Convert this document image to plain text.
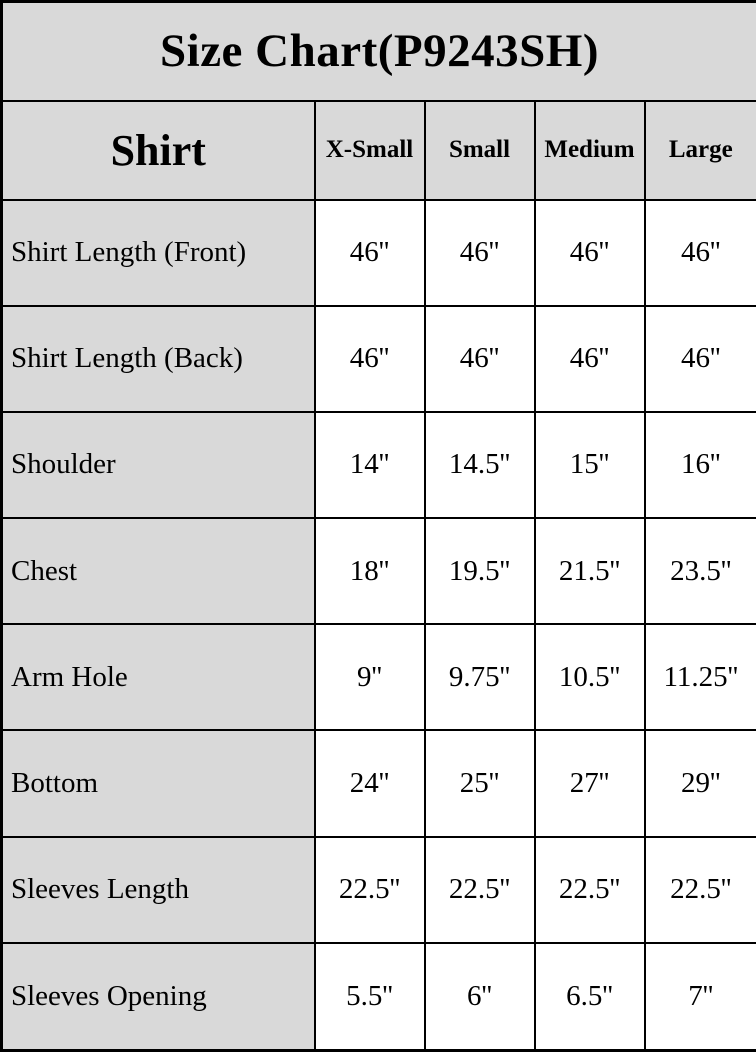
Size Chart(P9243SH)				
Shirt	X-Small	Small	Medium	Large
Shirt Length (Front)	46''	46''	46''	46''
Shirt Length (Back)	46''	46''	46''	46''
Shoulder	14''	14.5''	15''	16''
Chest	18''	19.5''	21.5''	23.5''
Arm Hole	9''	9.75''	10.5''	11.25''
Bottom	24''	25''	27''	29''
Sleeves Length	22.5''	22.5''	22.5''	22.5''
Sleeves Opening	5.5''	6''	6.5''	7''
